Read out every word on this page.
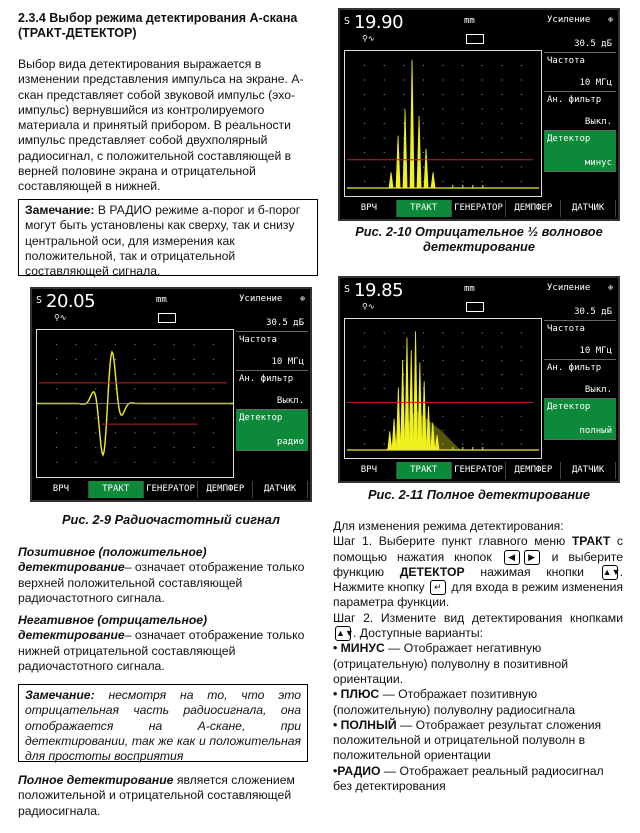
2.3.4 Выбор режима детектирования А-скана (ТРАКТ-ДЕТЕКТОР)
Выбор вида детектирования выражается в изменении представления импульса на экране. А-скан представляет собой звуковой импульс (эхо-импульс) вернувшийся из контролируемого материала и принятый прибором. В реальности импульс представляет собой двухполярный радиосигнал, с положительной составляющей в верней половине экрана и отрицательной составляющей в нижней.
Замечание: В РАДИО режиме а-порог и б-порог могут быть установлены как сверху, так и снизу центральной оси, для измерения как положительной, так и отрицательной составляющей сигнала.
S 20.05	mm
⚲∿
Усиление ⊕
30.5 дБ
Частота
10 МГц
Ан. фильтр
Выкл.
Детектор
радио
ВРЧ	ТРАКТ	ГЕНЕРАТОР	ДЕМПФЕР	ДАТЧИК
Рис. 2-9 Радиочастотный сигнал
Позитивное (положительное) детектирование– означает отображение только верхней положительной составляющей радиочастотного сигнала.
Негативное (отрицательное) детектирование– означает отображение только нижней отрицательной составляющей радиочастотного сигнала.
Замечание: несмотря на то, что это отрицательная часть радиосигнала, она отображается на А-скане, при детектировании, так же как и положительная для простоты восприятия
Полное детектирование является сложением положительной и отрицательной составляющей радиосигнала.
S 19.90	mm
⚲∿
Усиление ⊕
30.5 дБ
Частота
10 МГц
Ан. фильтр
Выкл.
Детектор
минус
ВРЧ	ТРАКТ	ГЕНЕРАТОР	ДЕМПФЕР	ДАТЧИК
Рис. 2-10 Отрицательное ½ волновое детектирование
S 19.85	mm
⚲∿
Усиление ⊕
30.5 дБ
Частота
10 МГц
Ан. фильтр
Выкл.
Детектор
полный
ВРЧ	ТРАКТ	ГЕНЕРАТОР	ДЕМПФЕР	ДАТЧИК
Рис. 2-11 Полное детектирование
Для изменения режима детектирования:
Шаг 1. Выберите пункт главного меню ТРАКТ с помощью нажатия кнопок ◀ ▶ и выберите функцию ДЕТЕКТОР нажимая кнопки ▲▼. Нажмите кнопку ↵ для входа в режим изменения параметра функции.
Шаг 2. Измените вид детектирования кнопками ▲▼. Доступные варианты:
• МИНУС — Отображает негативную (отрицательную) полуволну в позитивной ориентации.
• ПЛЮС — Отображает позитивную (положительную) полуволну радиосигнала
• ПОЛНЫЙ — Отображает результат сложения положительной и отрицательной полуволн в положительной ориентации
•РАДИО — Отображает реальный радиосигнал без детектирования
